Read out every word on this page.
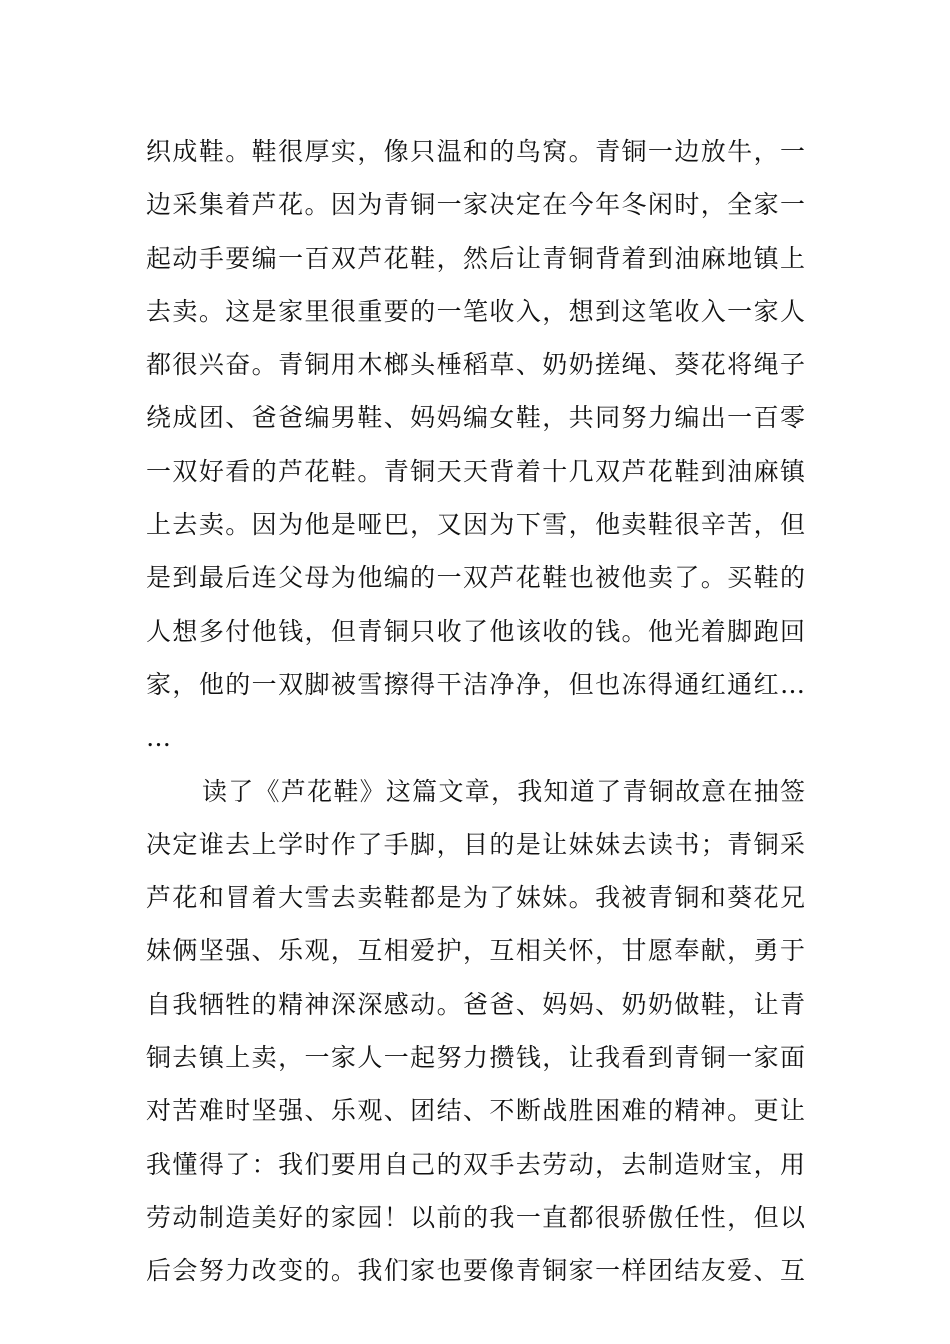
织成鞋。鞋很厚实，像只温和的鸟窝。青铜一边放牛，一
边采集着芦花。因为青铜一家决定在今年冬闲时，全家一
起动手要编一百双芦花鞋，然后让青铜背着到油麻地镇上
去卖。这是家里很重要的一笔收入，想到这笔收入一家人
都很兴奋。青铜用木榔头棰稻草、奶奶搓绳、葵花将绳子
绕成团、爸爸编男鞋、妈妈编女鞋，共同努力编出一百零
一双好看的芦花鞋。青铜天天背着十几双芦花鞋到油麻镇
上去卖。因为他是哑巴，又因为下雪，他卖鞋很辛苦，但
是到最后连父母为他编的一双芦花鞋也被他卖了。买鞋的
人想多付他钱，但青铜只收了他该收的钱。他光着脚跑回
家，他的一双脚被雪擦得干洁净净，但也冻得通红通红…
…
读了《芦花鞋》这篇文章，我知道了青铜故意在抽签
决定谁去上学时作了手脚，目的是让妹妹去读书；青铜采
芦花和冒着大雪去卖鞋都是为了妹妹。我被青铜和葵花兄
妹俩坚强、乐观，互相爱护，互相关怀，甘愿奉献，勇于
自我牺牲的精神深深感动。爸爸、妈妈、奶奶做鞋，让青
铜去镇上卖，一家人一起努力攒钱，让我看到青铜一家面
对苦难时坚强、乐观、团结、不断战胜困难的精神。更让
我懂得了：我们要用自己的双手去劳动，去制造财宝，用
劳动制造美好的家园！以前的我一直都很骄傲任性，但以
后会努力改变的。我们家也要像青铜家一样团结友爱、互
